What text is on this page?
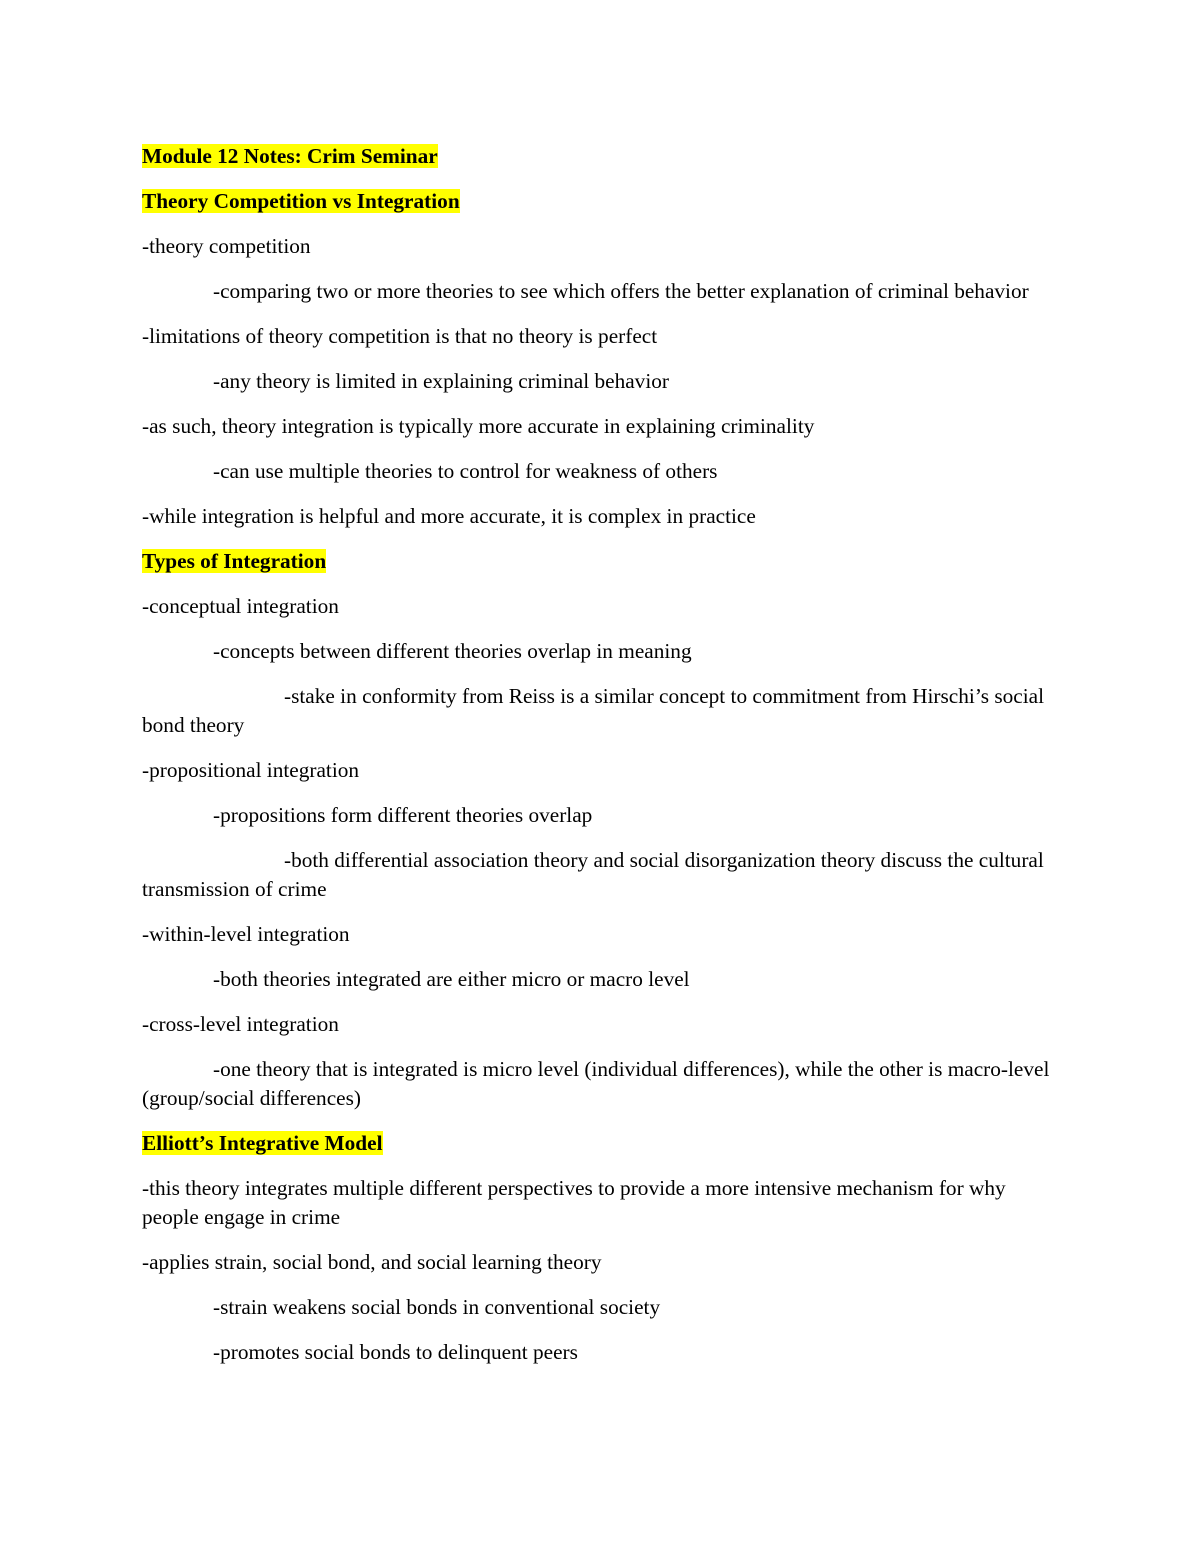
Module 12 Notes: Crim Seminar

Theory Competition vs Integration

-theory competition

-comparing two or more theories to see which offers the better explanation of criminal behavior

-limitations of theory competition is that no theory is perfect

-any theory is limited in explaining criminal behavior

-as such, theory integration is typically more accurate in explaining criminality

-can use multiple theories to control for weakness of others

-while integration is helpful and more accurate, it is complex in practice

Types of Integration

-conceptual integration

-concepts between different theories overlap in meaning

-stake in conformity from Reiss is a similar concept to commitment from Hirschi’s social bond theory

-propositional integration

-propositions form different theories overlap

-both differential association theory and social disorganization theory discuss the cultural transmission of crime

-within-level integration

-both theories integrated are either micro or macro level

-cross-level integration

-one theory that is integrated is micro level (individual differences), while the other is macro-level (group/social differences)

Elliott’s Integrative Model

-this theory integrates multiple different perspectives to provide a more intensive mechanism for why people engage in crime

-applies strain, social bond, and social learning theory

-strain weakens social bonds in conventional society

-promotes social bonds to delinquent peers
